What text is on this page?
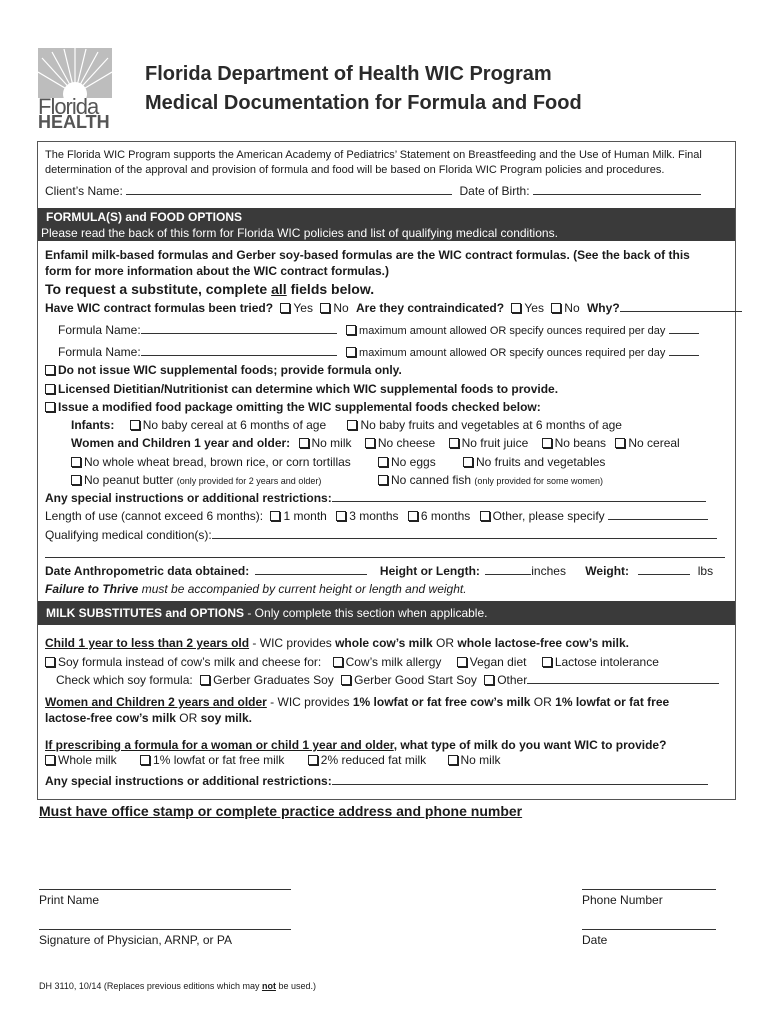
Florida
HEALTH
Florida Department of Health WIC Program
Medical Documentation for Formula and Food
The Florida WIC Program supports the American Academy of Pediatrics’ Statement on Breastfeeding and the Use of Human Milk. Final
determination of the approval and provision of formula and food will be based on Florida WIC Program policies and procedures.
Client’s Name:	Date of Birth:
FORMULA(S) and FOOD OPTIONS
Please read the back of this form for Florida WIC policies and list of qualifying medical conditions.
Enfamil milk-based formulas and Gerber soy-based formulas are the WIC contract formulas. (See the back of this
form for more information about the WIC contract formulas.)
To request a substitute, complete all fields below.
Have WIC contract formulas been tried? Yes No Are they contraindicated? Yes No Why?
Formula Name:	maximum amount allowed OR specify ounces required per day
Formula Name:	maximum amount allowed OR specify ounces required per day
Do not issue WIC supplemental foods; provide formula only.
Licensed Dietitian/Nutritionist can determine which WIC supplemental foods to provide.
Issue a modified food package omitting the WIC supplemental foods checked below:
Infants: No baby cereal at 6 months of age	No baby fruits and vegetables at 6 months of age
Women and Children 1 year and older: No milk No cheese No fruit juice No beans No cereal
No whole wheat bread, brown rice, or corn tortillas	No eggs	No fruits and vegetables
No peanut butter (only provided for 2 years and older)	No canned fish (only provided for some women)
Any special instructions or additional restrictions:
Length of use (cannot exceed 6 months): 1 month 3 months 6 months Other, please specify
Qualifying medical condition(s):
Date Anthropometric data obtained:	Height or Length:	inches Weight:	lbs
Failure to Thrive must be accompanied by current height or length and weight.
MILK SUBSTITUTES and OPTIONS - Only complete this section when applicable.
Child 1 year to less than 2 years old - WIC provides whole cow’s milk OR whole lactose-free cow’s milk.
Soy formula instead of cow’s milk and cheese for: Cow’s milk allergy Vegan diet Lactose intolerance
Check which soy formula: Gerber Graduates Soy Gerber Good Start Soy Other
Women and Children 2 years and older - WIC provides 1% lowfat or fat free cow’s milk OR 1% lowfat or fat free
lactose-free cow’s milk OR soy milk.
If prescribing a formula for a woman or child 1 year and older, what type of milk do you want WIC to provide?
Whole milk	1% lowfat or fat free milk	2% reduced fat milk	No milk
Any special instructions or additional restrictions:
Must have office stamp or complete practice address and phone number
Print Name	Phone Number
Signature of Physician, ARNP, or PA	Date
DH 3110, 10/14 (Replaces previous editions which may not be used.)
